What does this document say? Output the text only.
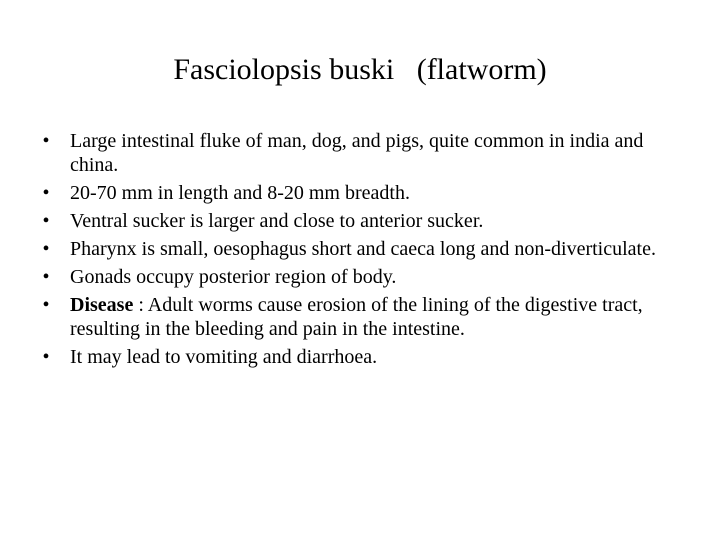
Fasciolopsis buski   (flatworm)
•	Large intestinal fluke of man, dog, and pigs, quite common in india and china.
•	20-70 mm in length and 8-20 mm breadth.
•	Ventral sucker is larger and close to anterior sucker.
•	Pharynx is small, oesophagus short and caeca long and non-diverticulate.
•	Gonads occupy posterior region of body.
•	Disease : Adult worms cause erosion of the lining of the digestive tract, resulting in the bleeding and pain in the intestine.
•	It may lead to vomiting and diarrhoea.
